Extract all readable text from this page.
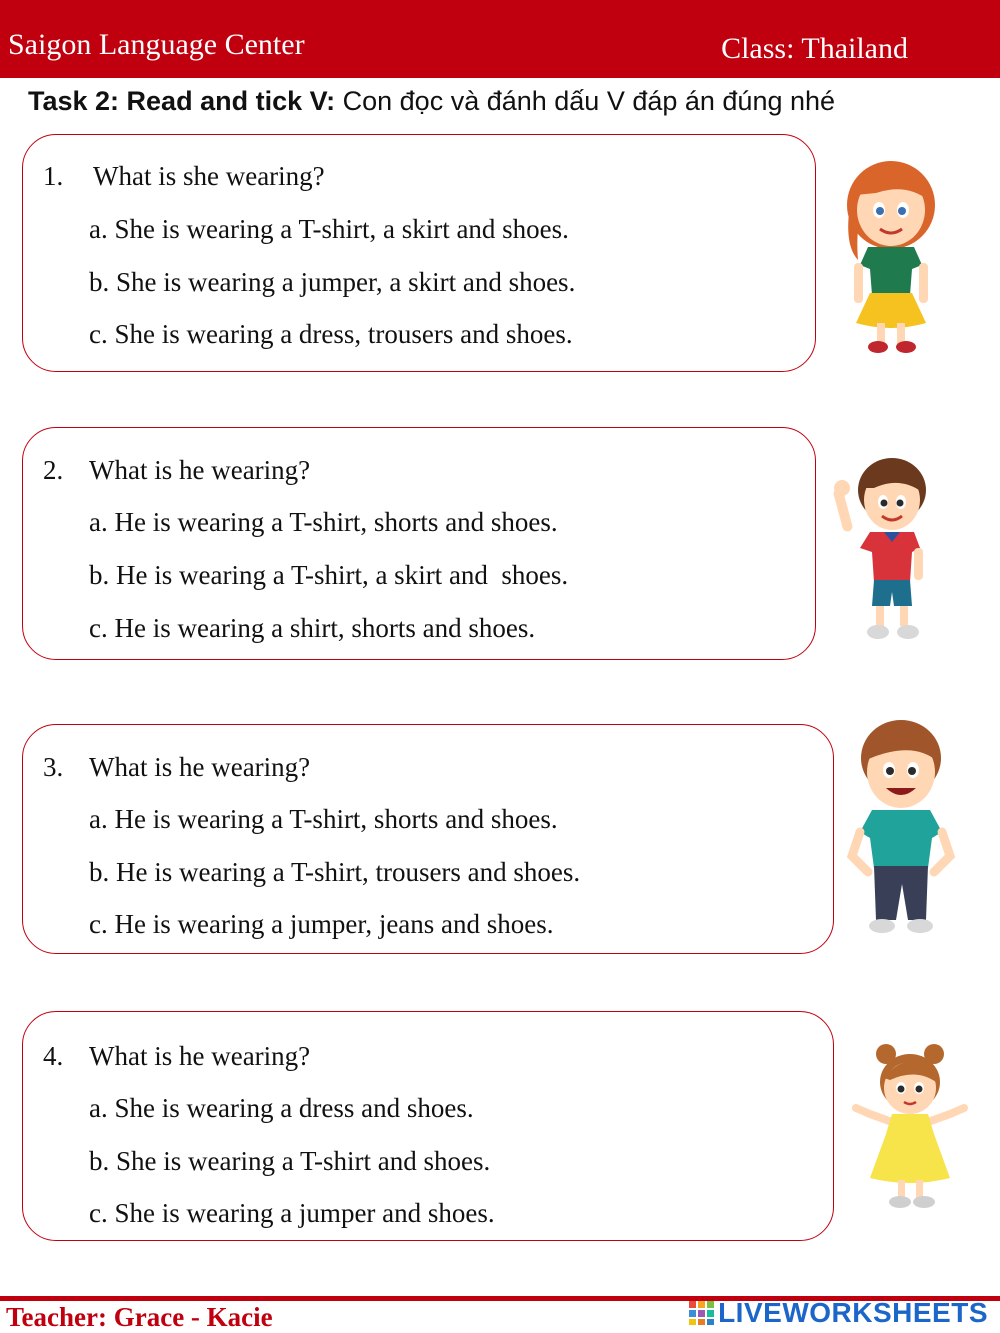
Saigon Language Center	Class: Thailand
Task 2: Read and tick V: Con đọc và đánh dấu V đáp án đúng nhé
1. What is she wearing?
a. She is wearing a T-shirt, a skirt and shoes.
b. She is wearing a jumper, a skirt and shoes.
c. She is wearing a dress, trousers and shoes.
2. What is he wearing?
a. He is wearing a T-shirt, shorts and shoes.
b. He is wearing a T-shirt, a skirt and  shoes.
c. He is wearing a shirt, shorts and shoes.
3. What is he wearing?
a. He is wearing a T-shirt, shorts and shoes.
b. He is wearing a T-shirt, trousers and shoes.
c. He is wearing a jumper, jeans and shoes.
4. What is he wearing?
a. She is wearing a dress and shoes.
b. She is wearing a T-shirt and shoes.
c. She is wearing a jumper and shoes.
Teacher: Grace - Kacie	LIVEWORKSHEETS
